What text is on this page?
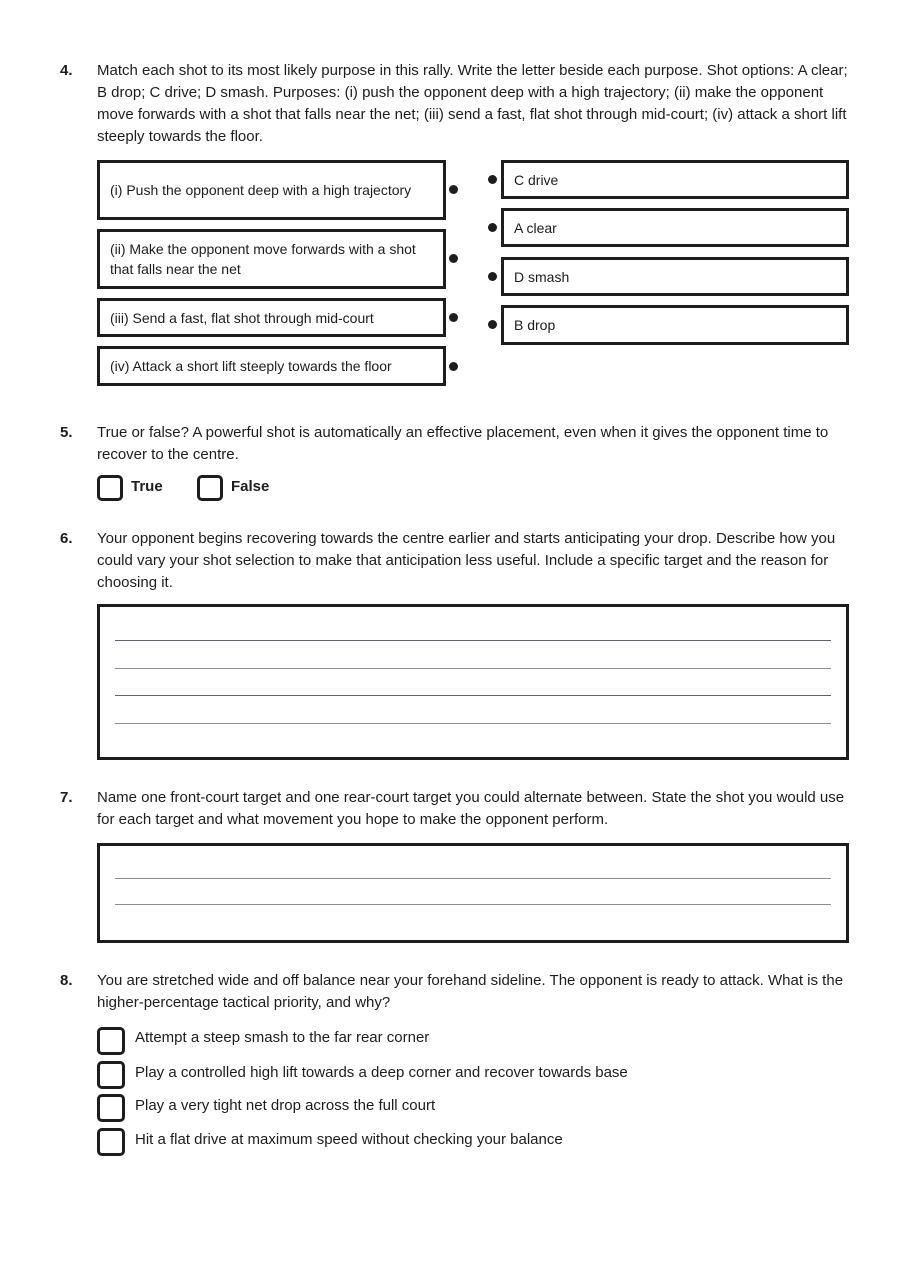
4. Match each shot to its most likely purpose in this rally. Write the letter beside each purpose. Shot options: A clear; B drop; C drive; D smash. Purposes: (i) push the opponent deep with a high trajectory; (ii) make the opponent move forwards with a shot that falls near the net; (iii) send a fast, flat shot through mid-court; (iv) attack a short lift steeply towards the floor.
(i) Push the opponent deep with a high trajectory
(ii) Make the opponent move forwards with a shot that falls near the net
(iii) Send a fast, flat shot through mid-court
(iv) Attack a short lift steeply towards the floor
C drive
A clear
D smash
B drop
5. True or false? A powerful shot is automatically an effective placement, even when it gives the opponent time to recover to the centre.
True	False
6. Your opponent begins recovering towards the centre earlier and starts anticipating your drop. Describe how you could vary your shot selection to make that anticipation less useful. Include a specific target and the reason for choosing it.
7. Name one front-court target and one rear-court target you could alternate between. State the shot you would use for each target and what movement you hope to make the opponent perform.
8. You are stretched wide and off balance near your forehand sideline. The opponent is ready to attack. What is the higher-percentage tactical priority, and why?
Attempt a steep smash to the far rear corner
Play a controlled high lift towards a deep corner and recover towards base
Play a very tight net drop across the full court
Hit a flat drive at maximum speed without checking your balance
